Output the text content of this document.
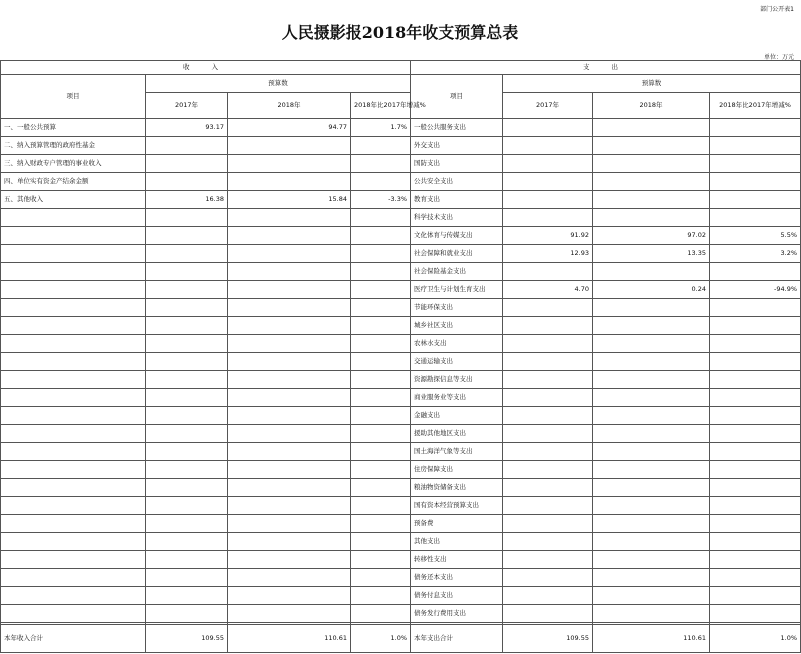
部门公开表1
人民摄影报2018年收支预算总表
单位：万元
收 入				支 出			
项目	预算数			项目	预算数		
	2017年	2018年	2018年比2017年增减%		2017年	2018年	2018年比2017年增减%
一、一般公共预算	93.17	94.77	1.7%	一般公共服务支出			
二、纳入预算管理的政府性基金				外交支出			
三、纳入财政专户管理的事业收入				国防支出			
四、单位实有资金产结余金额				公共安全支出			
五、其他收入	16.38	15.84	-3.3%	教育支出			
				科学技术支出			
				文化体育与传媒支出	91.92	97.02	5.5%
				社会保障和就业支出	12.93	13.35	3.2%
				社会保险基金支出			
				医疗卫生与计划生育支出	4.70	0.24	-94.9%
				节能环保支出			
				城乡社区支出			
				农林水支出			
				交通运输支出			
				资源勘探信息等支出			
				商业服务业等支出			
				金融支出			
				援助其他地区支出			
				国土海洋气象等支出			
				住房保障支出			
				粮油物资储备支出			
				国有资本经营预算支出			
				预备费			
				其他支出			
				转移性支出			
				债务还本支出			
				债务付息支出			
				债务发行费用支出			

本年收入合计	109.55	110.61	1.0%	本年支出合计	109.55	110.61	1.0%
